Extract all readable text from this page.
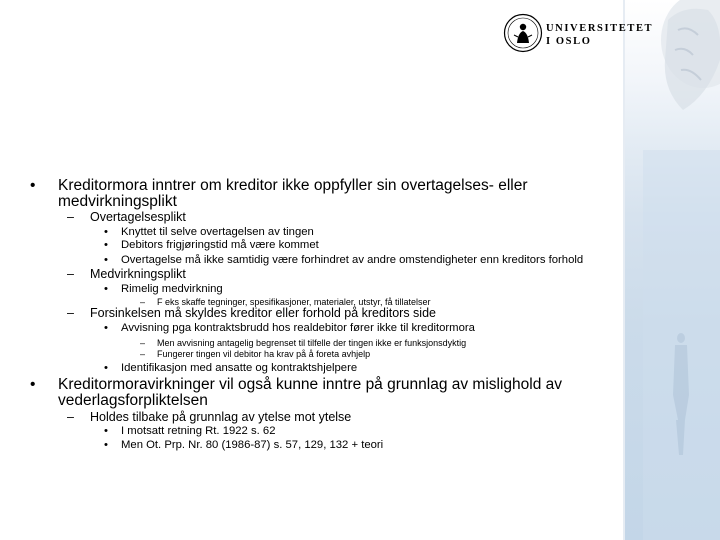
UNIVERSITETET
I OSLO
• Kreditormora inntrer om kreditor ikke oppfyller sin overtagelses- eller
medvirkningsplikt
– Overtagelsesplikt
• Knyttet til selve overtagelsen av tingen
• Debitors frigjøringstid må være kommet
• Overtagelse må ikke samtidig være forhindret av andre omstendigheter enn kreditors forhold
– Medvirkningsplikt
• Rimelig medvirkning
– F eks skaffe tegninger, spesifikasjoner, materialer, utstyr, få tillatelser
– Forsinkelsen må skyldes kreditor eller forhold på kreditors side
• Avvisning pga kontraktsbrudd hos realdebitor fører ikke til kreditormora
– Men avvisning antagelig begrenset til tilfelle der tingen ikke er funksjonsdyktig
– Fungerer tingen vil debitor ha krav på å foreta avhjelp
• Identifikasjon med ansatte og kontraktshjelpere
• Kreditormoravirkninger vil også kunne inntre på grunnlag av mislighold av
vederlagsforpliktelsen
– Holdes tilbake på grunnlag av ytelse mot ytelse
• I motsatt retning Rt. 1922 s. 62
• Men Ot. Prp. Nr. 80 (1986-87) s. 57, 129, 132 + teori
